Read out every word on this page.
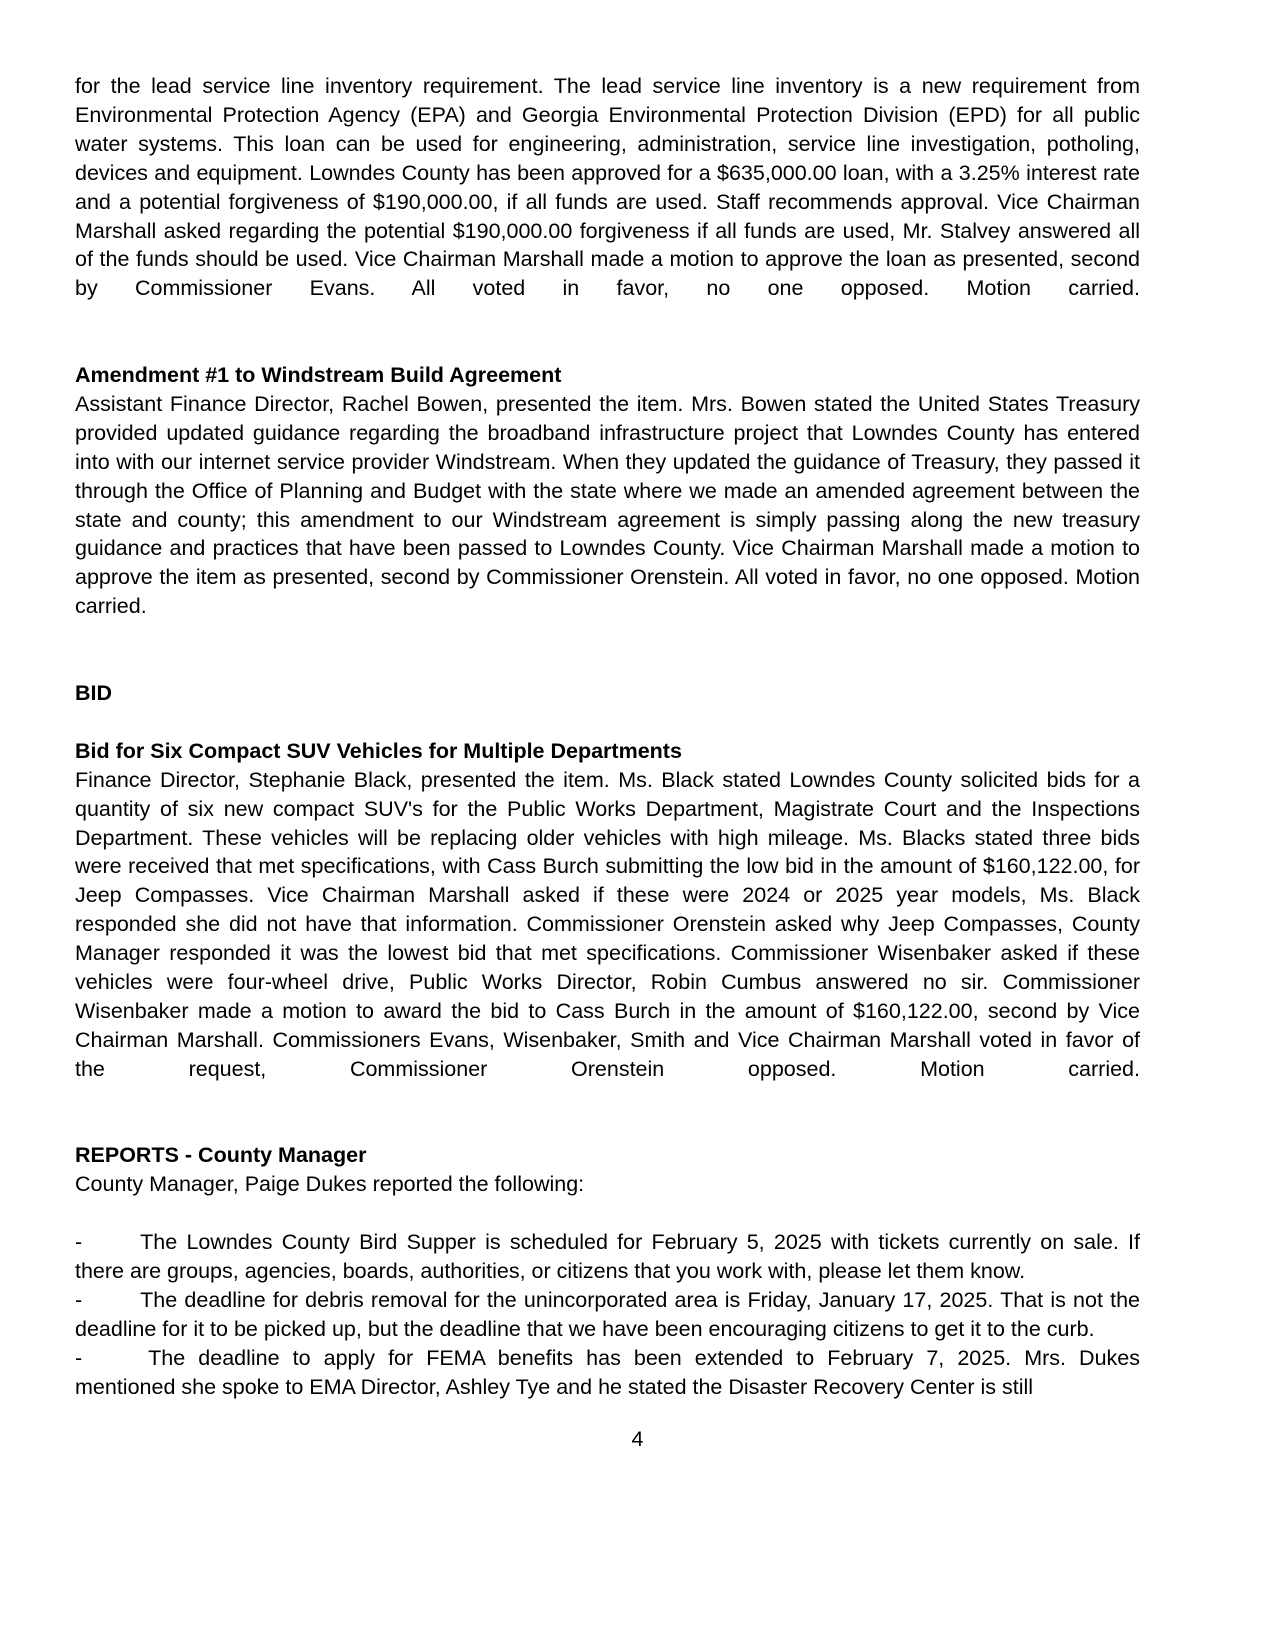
for the lead service line inventory requirement. The lead service line inventory is a new requirement from Environmental Protection Agency (EPA) and Georgia Environmental Protection Division (EPD) for all public water systems. This loan can be used for engineering, administration, service line investigation, potholing, devices and equipment. Lowndes County has been approved for a $635,000.00 loan, with a 3.25% interest rate and a potential forgiveness of $190,000.00, if all funds are used. Staff recommends approval. Vice Chairman Marshall asked regarding the potential $190,000.00 forgiveness if all funds are used, Mr. Stalvey answered all of the funds should be used. Vice Chairman Marshall made a motion to approve the loan as presented, second by Commissioner Evans. All voted in favor, no one opposed. Motion carried.

Amendment #1 to Windstream Build Agreement

Assistant Finance Director, Rachel Bowen, presented the item. Mrs. Bowen stated the United States Treasury provided updated guidance regarding the broadband infrastructure project that Lowndes County has entered into with our internet service provider Windstream. When they updated the guidance of Treasury, they passed it through the Office of Planning and Budget with the state where we made an amended agreement between the state and county; this amendment to our Windstream agreement is simply passing along the new treasury guidance and practices that have been passed to Lowndes County. Vice Chairman Marshall made a motion to approve the item as presented, second by Commissioner Orenstein. All voted in favor, no one opposed. Motion carried.

BID

Bid for Six Compact SUV Vehicles for Multiple Departments

Finance Director, Stephanie Black, presented the item. Ms. Black stated Lowndes County solicited bids for a quantity of six new compact SUV's for the Public Works Department, Magistrate Court and the Inspections Department. These vehicles will be replacing older vehicles with high mileage. Ms. Blacks stated three bids were received that met specifications, with Cass Burch submitting the low bid in the amount of $160,122.00, for Jeep Compasses. Vice Chairman Marshall asked if these were 2024 or 2025 year models, Ms. Black responded she did not have that information. Commissioner Orenstein asked why Jeep Compasses, County Manager responded it was the lowest bid that met specifications. Commissioner Wisenbaker asked if these vehicles were four-wheel drive, Public Works Director, Robin Cumbus answered no sir. Commissioner Wisenbaker made a motion to award the bid to Cass Burch in the amount of $160,122.00, second by Vice Chairman Marshall. Commissioners Evans, Wisenbaker, Smith and Vice Chairman Marshall voted in favor of the request, Commissioner Orenstein opposed. Motion carried.

REPORTS - County Manager

County Manager, Paige Dukes reported the following:

-	The Lowndes County Bird Supper is scheduled for February 5, 2025 with tickets currently on sale. If there are groups, agencies, boards, authorities, or citizens that you work with, please let them know.

-	The deadline for debris removal for the unincorporated area is Friday, January 17, 2025. That is not the deadline for it to be picked up, but the deadline that we have been encouraging citizens to get it to the curb.

-	The deadline to apply for FEMA benefits has been extended to February 7, 2025. Mrs. Dukes mentioned she spoke to EMA Director, Ashley Tye and he stated the Disaster Recovery Center is still

4
